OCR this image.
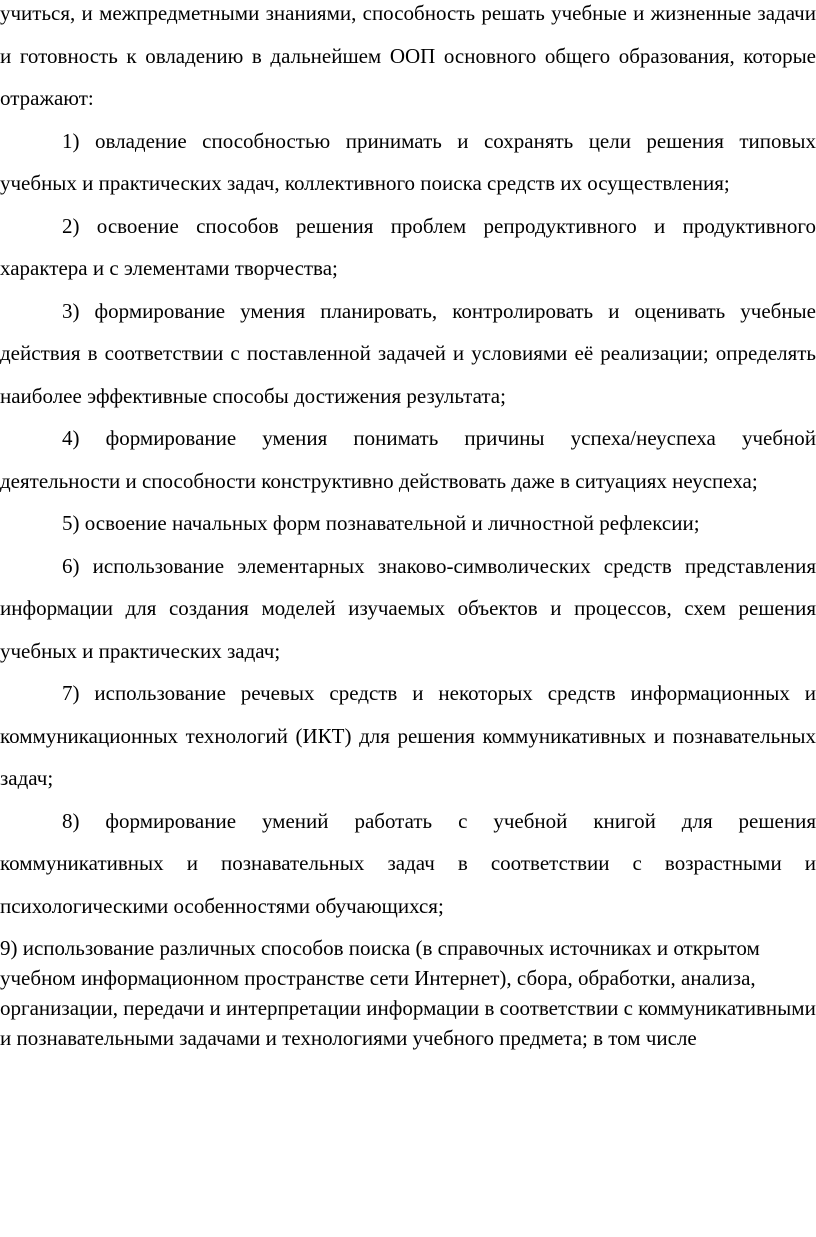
учиться, и межпредметными знаниями, способность решать учебные и жизненные задачи и готовность к овладению в дальнейшем ООП основного общего образования, которые отражают:

1) овладение способностью принимать и сохранять цели решения типовых учебных и практических задач, коллективного поиска средств их осуществления;

2) освоение способов решения проблем репродуктивного и продуктивного характера и с элементами творчества;

3) формирование умения планировать, контролировать и оценивать учебные действия в соответствии с поставленной задачей и условиями её реализации; определять наиболее эффективные способы достижения результата;

4) формирование умения понимать причины успеха/неуспеха учебной деятельности и способности конструктивно действовать даже в ситуациях неуспеха;

5) освоение начальных форм познавательной и личностной рефлексии;

6) использование элементарных знаково-символических средств представления информации для создания моделей изучаемых объектов и процессов, схем решения учебных и практических задач;

7) использование речевых средств и некоторых средств информационных и коммуникационных технологий (ИКТ) для решения коммуникативных и познавательных задач;

8) формирование умений работать с учебной книгой для решения коммуникативных и познавательных задач в соответствии с возрастными и психологическими особенностями обучающихся;

9) использование различных способов поиска (в справочных источниках и открытом учебном информационном пространстве сети Интернет), сбора, обработки, анализа, организации, передачи и интерпретации информации в соответствии с коммуникативными и познавательными задачами и технологиями учебного предмета; в том числе
